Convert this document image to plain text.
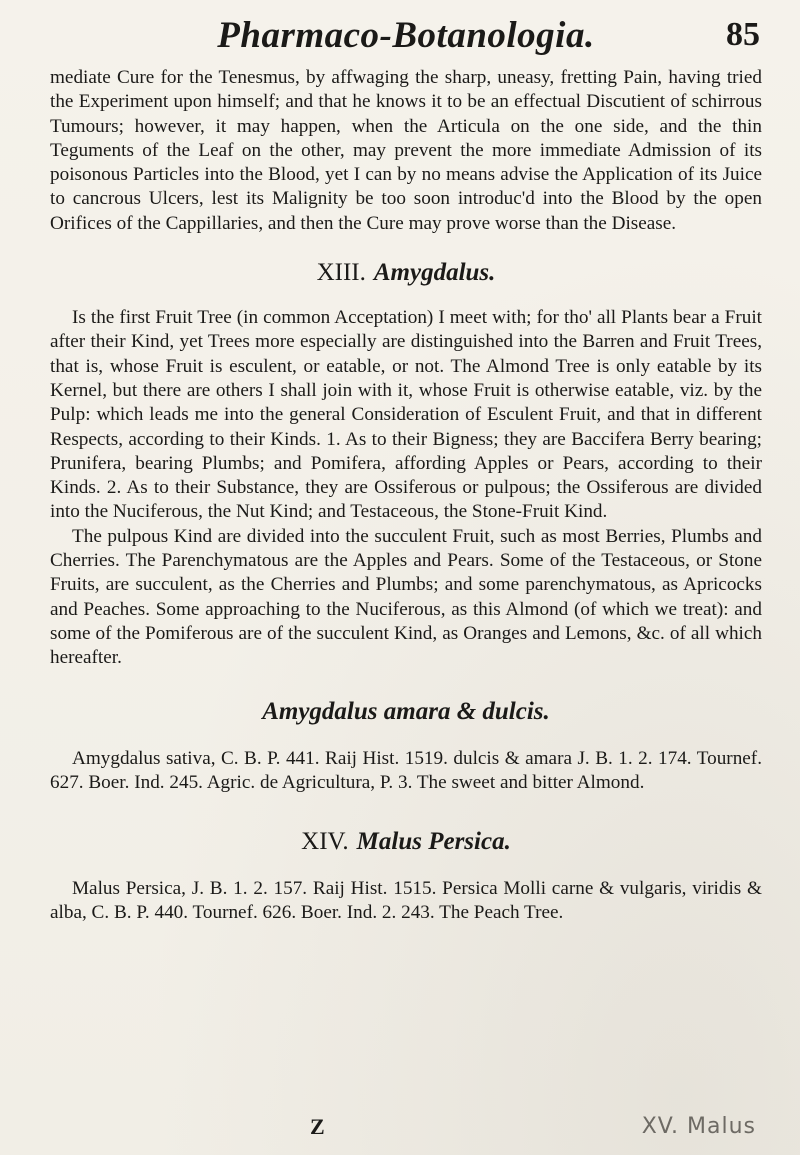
Pharmaco-Botanologia.	85

mediate Cure for the Tenesmus, by affwaging the sharp, uneasy, fretting Pain, having tried the Experiment upon himself; and that he knows it to be an effectual Discutient of schirrous Tumours; however, it may happen, when the Articula on the one side, and the thin Teguments of the Leaf on the other, may prevent the more immediate Admission of its poisonous Particles into the Blood, yet I can by no means advise the Application of its Juice to cancrous Ulcers, lest its Malignity be too soon introduc'd into the Blood by the open Orifices of the Cappillaries, and then the Cure may prove worse than the Disease.

XIII. Amygdalus.

Is the first Fruit Tree (in common Acceptation) I meet with; for tho' all Plants bear a Fruit after their Kind, yet Trees more especially are distinguished into the Barren and Fruit Trees, that is, whose Fruit is esculent, or eatable, or not. The Almond Tree is only eatable by its Kernel, but there are others I shall join with it, whose Fruit is otherwise eatable, viz. by the Pulp: which leads me into the general Consideration of Esculent Fruit, and that in different Respects, according to their Kinds. 1. As to their Bigness; they are Baccifera Berry bearing; Prunifera, bearing Plumbs; and Pomifera, affording Apples or Pears, according to their Kinds. 2. As to their Substance, they are Ossiferous or pulpous; the Ossiferous are divided into the Nuciferous, the Nut Kind; and Testaceous, the Stone-Fruit Kind.

The pulpous Kind are divided into the succulent Fruit, such as most Berries, Plumbs and Cherries. The Parenchymatous are the Apples and Pears. Some of the Testaceous, or Stone Fruits, are succulent, as the Cherries and Plumbs; and some parenchymatous, as Apricocks and Peaches. Some approaching to the Nuciferous, as this Almond (of which we treat): and some of the Pomiferous are of the succulent Kind, as Oranges and Lemons, &c. of all which hereafter.

Amygdalus amara & dulcis.

Amygdalus sativa, C. B. P. 441. Raij Hist. 1519. dulcis & amara J. B. 1. 2. 174. Tournef. 627. Boer. Ind. 245. Agric. de Agricultura, P. 3. The sweet and bitter Almond.

XIV. Malus Persica.

Malus Persica, J. B. 1. 2. 157. Raij Hist. 1515. Persica Molli carne & vulgaris, viridis & alba, C. B. P. 440. Tournef. 626. Boer. Ind. 2. 243. The Peach Tree.

Z	XV. Malus
